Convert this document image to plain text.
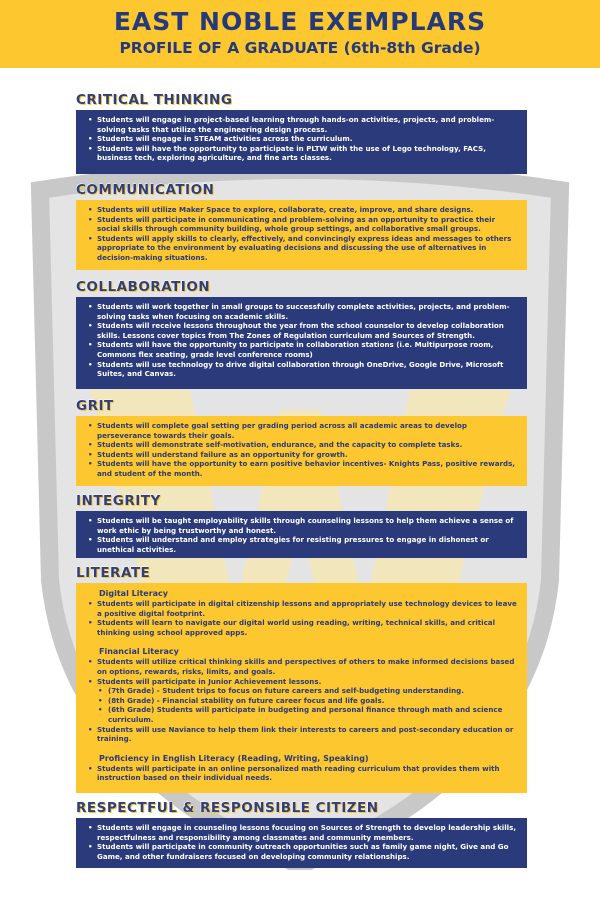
EAST NOBLE EXEMPLARS
PROFILE OF A GRADUATE (6th-8th Grade)
CRITICAL THINKING
• Students will engage in project-based learning through hands-on activities, projects, and problem-solving tasks that utilize the engineering design process.
• Students will engage in STEAM activities across the curriculum.
• Students will have the opportunity to participate in PLTW with the use of Lego technology, FACS, business tech, exploring agriculture, and fine arts classes.
COMMUNICATION
• Students will utilize Maker Space to explore, collaborate, create, improve, and share designs.
• Students will participate in communicating and problem-solving as an opportunity to practice their social skills through community building, whole group settings, and collaborative small groups.
• Students will apply skills to clearly, effectively, and convincingly express ideas and messages to others appropriate to the environment by evaluating decisions and discussing the use of alternatives in decision-making situations.
COLLABORATION
• Students will work together in small groups to successfully complete activities, projects, and problem-solving tasks when focusing on academic skills.
• Students will receive lessons throughout the year from the school counselor to develop collaboration skills. Lessons cover topics from The Zones of Regulation curriculum and Sources of Strength.
• Students will have the opportunity to participate in collaboration stations (i.e. Multipurpose room, Commons flex seating, grade level conference rooms)
• Students will use technology to drive digital collaboration through OneDrive, Google Drive, Microsoft Suites, and Canvas.
GRIT
• Students will complete goal setting per grading period across all academic areas to develop perseverance towards their goals.
• Students will demonstrate self-motivation, endurance, and the capacity to complete tasks.
• Students will understand failure as an opportunity for growth.
• Students will have the opportunity to earn positive behavior incentives- Knights Pass, positive rewards, and student of the month.
INTEGRITY
• Students will be taught employability skills through counseling lessons to help them achieve a sense of work ethic by being trustworthy and honest.
• Students will understand and employ strategies for resisting pressures to engage in dishonest or unethical activities.
LITERATE
Digital Literacy
• Students will participate in digital citizenship lessons and appropriately use technology devices to leave a positive digital footprint.
• Students will learn to navigate our digital world using reading, writing, technical skills, and critical thinking using school approved apps.
Financial Literacy
• Students will utilize critical thinking skills and perspectives of others to make informed decisions based on options, rewards, risks, limits, and goals.
• Students will participate in Junior Achievement lessons.
• (7th Grade) - Student trips to focus on future careers and self-budgeting understanding.
• (8th Grade) - Financial stability on future career focus and life goals.
• (6th Grade) Students will participate in budgeting and personal finance through math and science curriculum.
• Students will use Naviance to help them link their interests to careers and post-secondary education or training.
Proficiency in English Literacy (Reading, Writing, Speaking)
• Students will participate in an online personalized math reading curriculum that provides them with instruction based on their individual needs.
RESPECTFUL & RESPONSIBLE CITIZEN
• Students will engage in counseling lessons focusing on Sources of Strength to develop leadership skills, respectfulness and responsibility among classmates and community members.
• Students will participate in community outreach opportunities such as family game night, Give and Go Game, and other fundraisers focused on developing community relationships.
